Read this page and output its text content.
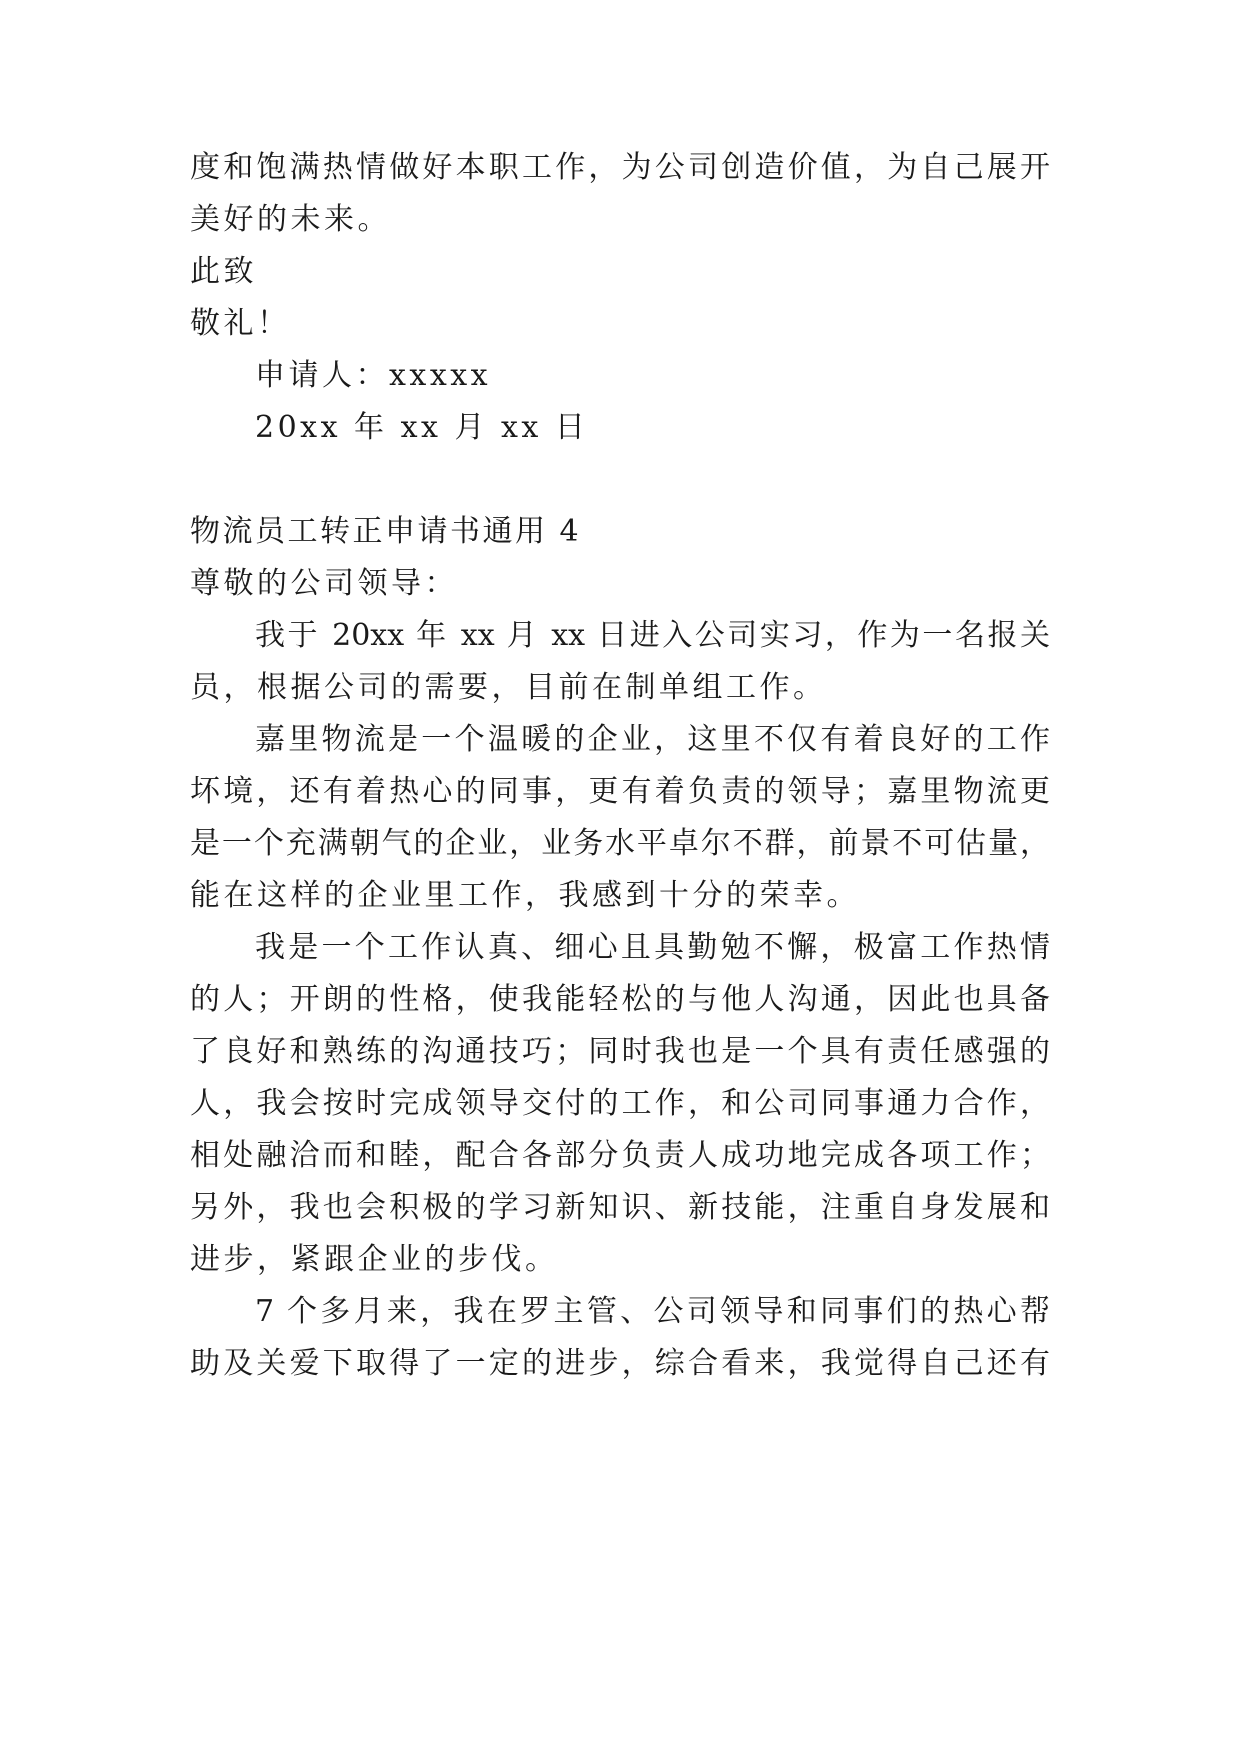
度和饱满热情做好本职工作，为公司创造价值，为自己展开
美好的未来。
此致
敬礼！
申请人：xxxxx
20xx 年 xx 月 xx 日
物流员工转正申请书通用 4
尊敬的公司领导：
我于 20xx 年 xx 月 xx 日进入公司实习，作为一名报关
员，根据公司的需要，目前在制单组工作。
嘉里物流是一个温暖的企业，这里不仅有着良好的工作
坏境，还有着热心的同事，更有着负责的领导；嘉里物流更
是一个充满朝气的企业，业务水平卓尔不群，前景不可估量，
能在这样的企业里工作，我感到十分的荣幸。
我是一个工作认真、细心且具勤勉不懈，极富工作热情
的人；开朗的性格，使我能轻松的与他人沟通，因此也具备
了良好和熟练的沟通技巧；同时我也是一个具有责任感强的
人，我会按时完成领导交付的工作，和公司同事通力合作，
相处融洽而和睦，配合各部分负责人成功地完成各项工作；
另外，我也会积极的学习新知识、新技能，注重自身发展和
进步，紧跟企业的步伐。
7 个多月来，我在罗主管、公司领导和同事们的热心帮
助及关爱下取得了一定的进步，综合看来，我觉得自己还有
